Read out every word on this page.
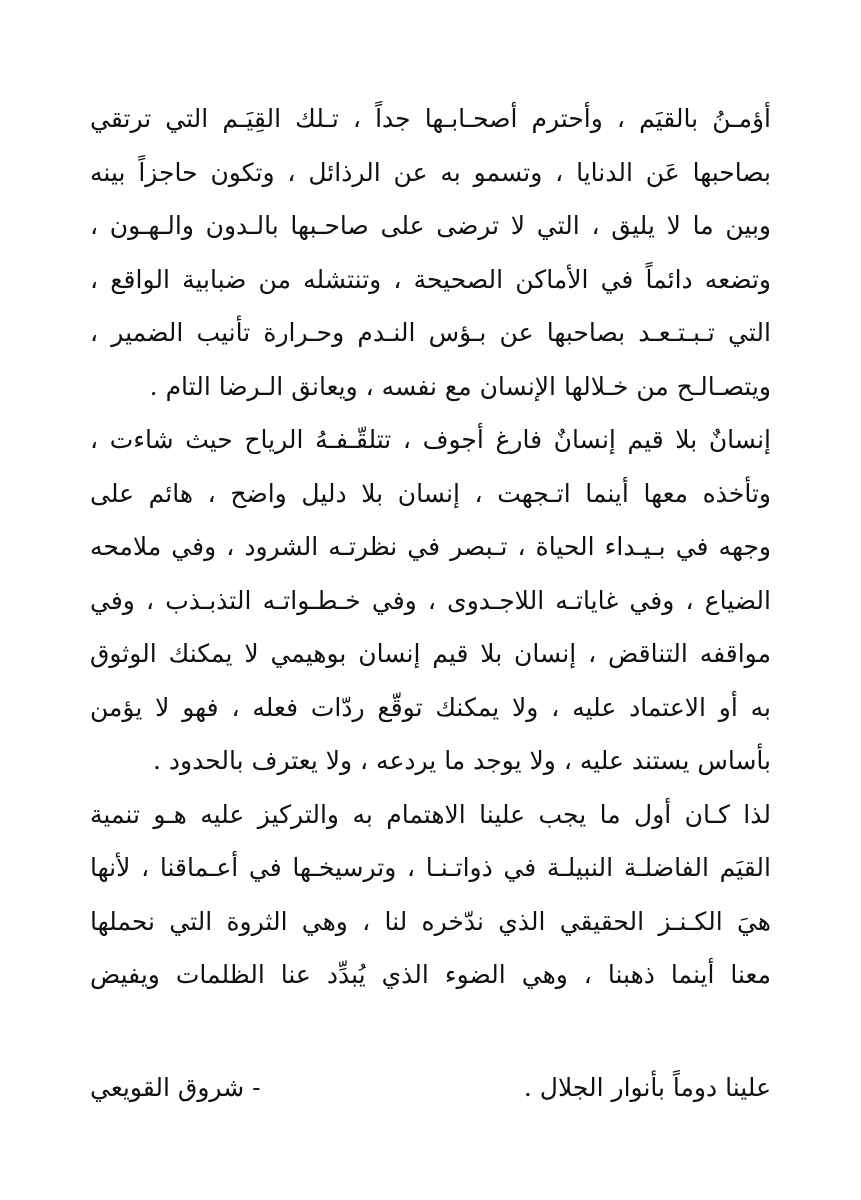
أؤمـنُ بالقيَم ، وأحترم أصحـابـها جداً ، تـلك القِيَـم التي ترتقي
بصاحبها عَن الدنايا ، وتسمو به عن الرذائل ، وتكون حاجزاً بينه
وبين ما لا يليق ، التي لا ترضى على صاحـبها بالـدون والـهـون ،
وتضعه دائماً في الأماكن الصحيحة ، وتنتشله من ضبابية الواقع ،
التي تـبـتـعـد بصاحبها عن بـؤس النـدم وحـرارة تأنيب الضمير ،
ويتصـالـح من خـلالها الإنسان مع نفسه ، ويعانق الـرضا التام .
إنسانٌ بلا قيم إنسانٌ فارغ أجوف ، تتلقّـفـهُ الرياح حيث شاءت ،
وتأخذه معها أينما اتـجهت ، إنسان بلا دليل واضح ، هائم على
وجهه في بـيـداء الحياة ، تـبصر في نظرتـه الشرود ، وفي ملامحه
الضياع ، وفي غاياتـه اللاجـدوى ، وفي خـطـواتـه التذبـذب ، وفي
مواقفه التناقض ، إنسان بلا قيم إنسان بوهيمي لا يمكنك الوثوق
به أو الاعتماد عليه ، ولا يمكنك توقّع ردّات فعله ، فهو لا يؤمن
بأساس يستند عليه ، ولا يوجد ما يردعه ، ولا يعترف بالحدود .
لذا كـان أول ما يجب علينا الاهتمام به والتركيز عليه هـو تنمية
القيَم الفاضلـة النبيلـة في ذواتـنـا ، وترسيخـها في أعـماقنا ، لأنها
هيَ الكـنـز الحقيقي الذي ندّخره لنا ، وهي الثروة التي نحملها
معنا أينما ذهبنا ، وهي الضوء الذي يُبدِّد عنا الظلمات ويفيض
علينا دوماً بأنوار الجلال .
- شروق القويعي
